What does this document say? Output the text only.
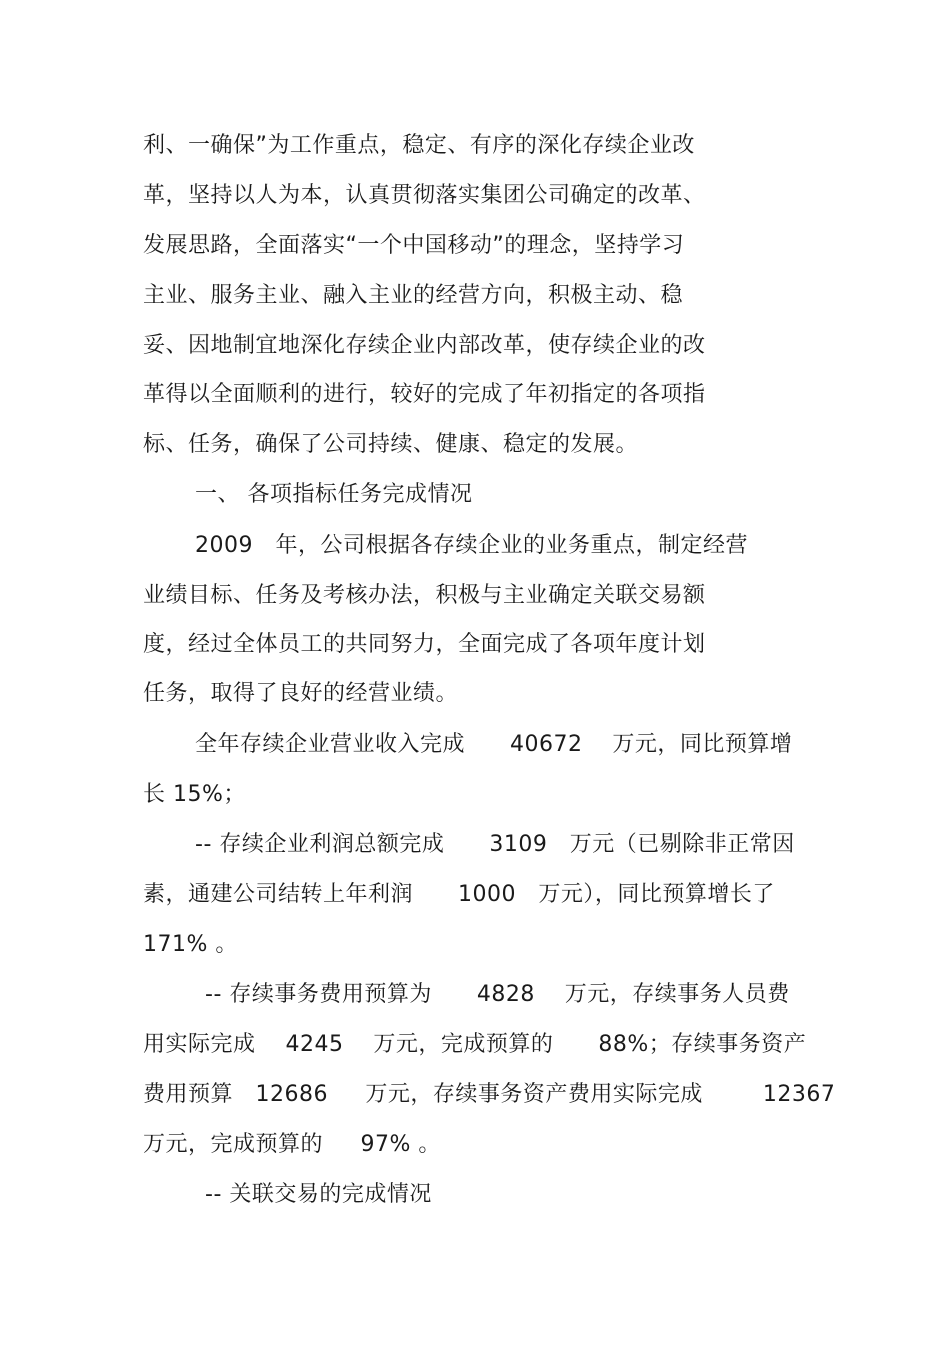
利、一确保”为工作重点，稳定、有序的深化存续企业改
革，坚持以人为本，认真贯彻落实集团公司确定的改革、
发展思路，全面落实“一个中国移动”的理念，坚持学习
主业、服务主业、融入主业的经营方向，积极主动、稳
妥、因地制宜地深化存续企业内部改革，使存续企业的改
革得以全面顺利的进行，较好的完成了年初指定的各项指
标、任务，确保了公司持续、健康、稳定的发展。
一、 各项指标任务完成情况
2009   年，公司根据各存续企业的业务重点，制定经营
业绩目标、任务及考核办法，积极与主业确定关联交易额
度，经过全体员工的共同努力，全面完成了各项年度计划
任务，取得了良好的经营业绩。
全年存续企业营业收入完成      40672    万元，同比预算增
长 15%；
-- 存续企业利润总额完成      3109   万元（已剔除非正常因
素，通建公司结转上年利润      1000   万元），同比预算增长了
171% 。
-- 存续事务费用预算为      4828    万元，存续事务人员费
用实际完成    4245    万元，完成预算的      88%；存续事务资产
费用预算   12686     万元，存续事务资产费用实际完成        12367
万元，完成预算的     97% 。
-- 关联交易的完成情况
